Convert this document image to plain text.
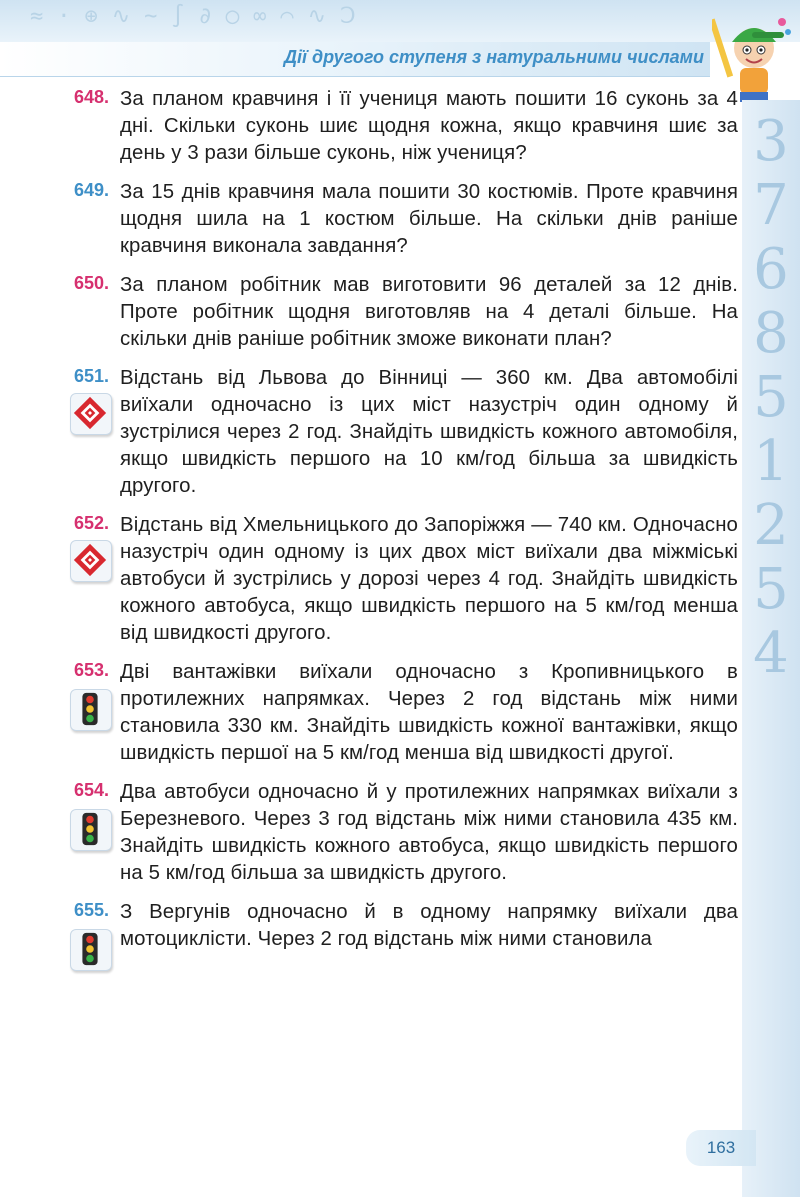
≈·⊕∿~∫∂◯∞⌒∿Ↄ
Дії другого ступеня з натуральними числами
3
7
6
8
5
1
2
5
4
648. За планом кравчиня і її учениця мають пошити 16 суконь за 4 дні. Скільки суконь шиє щодня кожна, якщо кравчиня шиє за день у 3 рази більше суконь, ніж учениця?
649. За 15 днів кравчиня мала пошити 30 костюмів. Проте кравчиня щодня шила на 1 костюм більше. На скільки днів раніше кравчиня виконала завдання?
650. За планом робітник мав виготовити 96 деталей за 12 днів. Проте робітник щодня виготовляв на 4 деталі більше. На скільки днів раніше робітник зможе виконати план?
651. Відстань від Львова до Вінниці — 360 км. Два автомобілі виїхали одночасно із цих міст назустріч один одному й зустрілися через 2 год. Знайдіть швидкість кожного автомобіля, якщо швидкість першого на 10 км/год більша за швидкість другого.
652. Відстань від Хмельницького до Запоріжжя — 740 км. Одночасно назустріч один одному із цих двох міст виїхали два міжміські автобуси й зустрілись у дорозі через 4 год. Знайдіть швидкість кожного автобуса, якщо швидкість першого на 5 км/год менша від швидкості другого.
653. Дві вантажівки виїхали одночасно з Кропивницького в протилежних напрямках. Через 2 год відстань між ними становила 330 км. Знайдіть швидкість кожної вантажівки, якщо швидкість першої на 5 км/год менша від швидкості другої.
654. Два автобуси одночасно й у протилежних напрямках виїхали з Березневого. Через 3 год відстань між ними становила 435 км. Знайдіть швидкість кожного автобуса, якщо швидкість першого на 5 км/год більша за швидкість другого.
655. З Вергунів одночасно й в одному напрямку виїхали два мотоциклісти. Через 2 год відстань між ними становила
163
